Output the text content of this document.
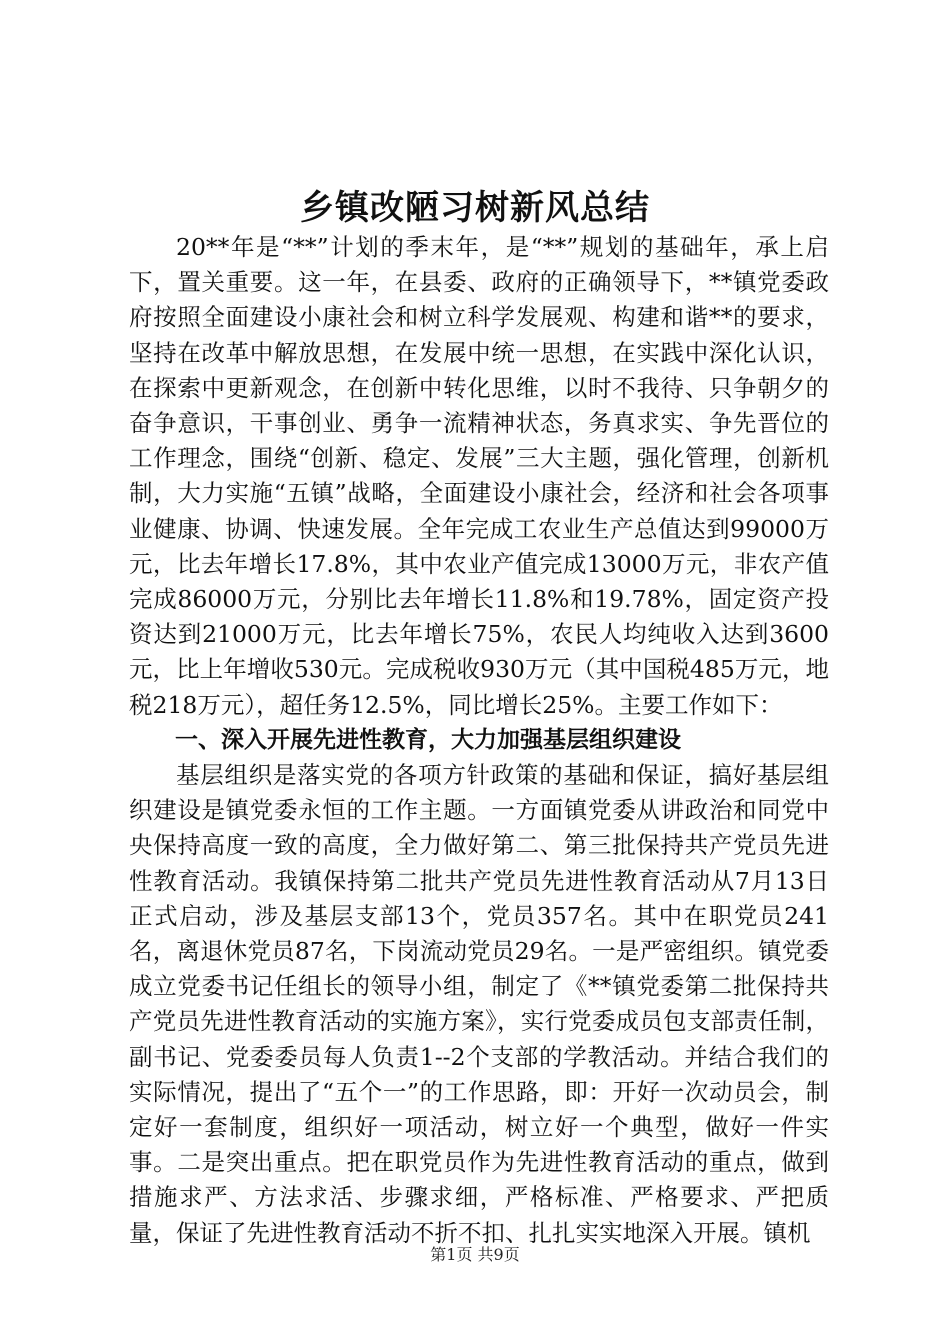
乡镇改陋习树新风总结

20**年是“**”计划的季末年，是“**”规划的基础年，承上启下，置关重要。这一年，在县委、政府的正确领导下，**镇党委政府按照全面建设小康社会和树立科学发展观、构建和谐**的要求，坚持在改革中解放思想，在发展中统一思想，在实践中深化认识，在探索中更新观念，在创新中转化思维，以时不我待、只争朝夕的奋争意识，干事创业、勇争一流精神状态，务真求实、争先晋位的工作理念，围绕“创新、稳定、发展”三大主题，强化管理，创新机制，大力实施“五镇”战略，全面建设小康社会，经济和社会各项事业健康、协调、快速发展。全年完成工农业生产总值达到99000万元，比去年增长17.8%，其中农业产值完成13000万元，非农产值完成86000万元，分别比去年增长11.8%和19.78%，固定资产投资达到21000万元，比去年增长75%，农民人均纯收入达到3600元，比上年增收530元。完成税收930万元（其中国税485万元，地税218万元），超任务12.5%，同比增长25%。主要工作如下：

一、深入开展先进性教育，大力加强基层组织建设

基层组织是落实党的各项方针政策的基础和保证，搞好基层组织建设是镇党委永恒的工作主题。一方面镇党委从讲政治和同党中央保持高度一致的高度，全力做好第二、第三批保持共产党员先进性教育活动。我镇保持第二批共产党员先进性教育活动从7月13日正式启动，涉及基层支部13个，党员357名。其中在职党员241名，离退休党员87名，下岗流动党员29名。一是严密组织。镇党委成立党委书记任组长的领导小组，制定了《**镇党委第二批保持共产党员先进性教育活动的实施方案》，实行党委成员包支部责任制，副书记、党委委员每人负责1--2个支部的学教活动。并结合我们的实际情况，提出了“五个一”的工作思路，即：开好一次动员会，制定好一套制度，组织好一项活动，树立好一个典型，做好一件实事。二是突出重点。把在职党员作为先进性教育活动的重点，做到措施求严、方法求活、步骤求细，严格标准、严格要求、严把质量，保证了先进性教育活动不折不扣、扎扎实实地深入开展。镇机

第1页 共9页
